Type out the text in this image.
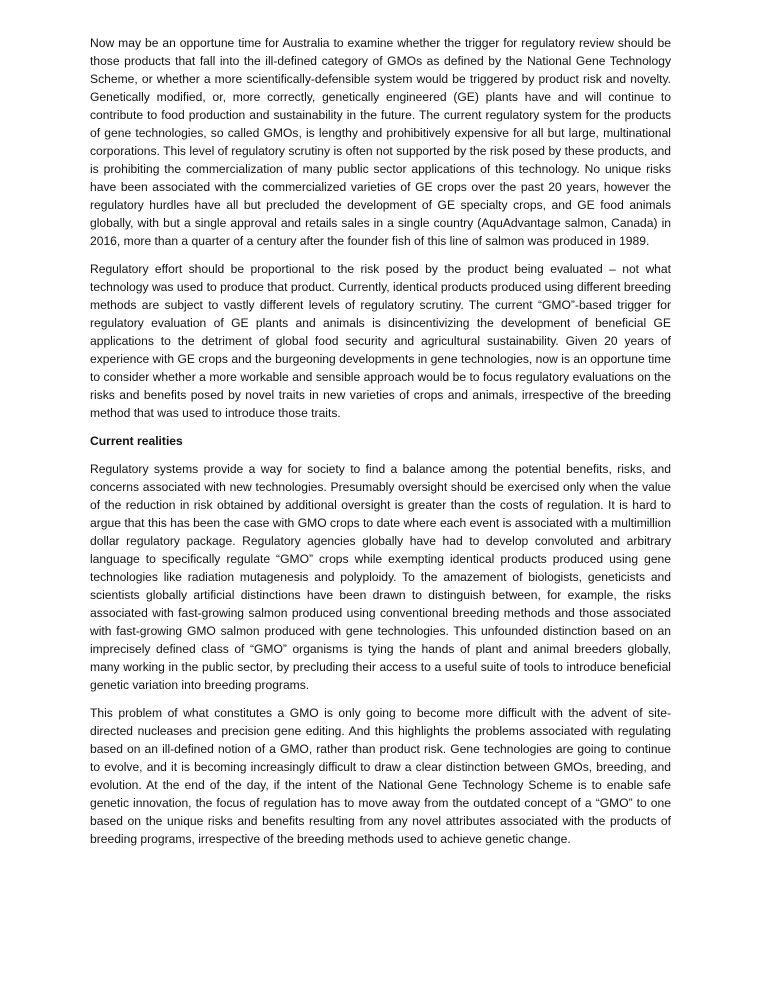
Now may be an opportune time for Australia to examine whether the trigger for regulatory review should be those products that fall into the ill-defined category of GMOs as defined by the National Gene Technology Scheme, or whether a more scientifically-defensible system would be triggered by product risk and novelty. Genetically modified, or, more correctly, genetically engineered (GE) plants have and will continue to contribute to food production and sustainability in the future. The current regulatory system for the products of gene technologies, so called GMOs, is lengthy and prohibitively expensive for all but large, multinational corporations. This level of regulatory scrutiny is often not supported by the risk posed by these products, and is prohibiting the commercialization of many public sector applications of this technology. No unique risks have been associated with the commercialized varieties of GE crops over the past 20 years, however the regulatory hurdles have all but precluded the development of GE specialty crops, and GE food animals globally, with but a single approval and retails sales in a single country (AquAdvantage salmon, Canada) in 2016, more than a quarter of a century after the founder fish of this line of salmon was produced in 1989.

Regulatory effort should be proportional to the risk posed by the product being evaluated – not what technology was used to produce that product. Currently, identical products produced using different breeding methods are subject to vastly different levels of regulatory scrutiny. The current “GMO”-based trigger for regulatory evaluation of GE plants and animals is disincentivizing the development of beneficial GE applications to the detriment of global food security and agricultural sustainability. Given 20 years of experience with GE crops and the burgeoning developments in gene technologies, now is an opportune time to consider whether a more workable and sensible approach would be to focus regulatory evaluations on the risks and benefits posed by novel traits in new varieties of crops and animals, irrespective of the breeding method that was used to introduce those traits.

Current realities

Regulatory systems provide a way for society to find a balance among the potential benefits, risks, and concerns associated with new technologies. Presumably oversight should be exercised only when the value of the reduction in risk obtained by additional oversight is greater than the costs of regulation. It is hard to argue that this has been the case with GMO crops to date where each event is associated with a multimillion dollar regulatory package. Regulatory agencies globally have had to develop convoluted and arbitrary language to specifically regulate “GMO” crops while exempting identical products produced using gene technologies like radiation mutagenesis and polyploidy. To the amazement of biologists, geneticists and scientists globally artificial distinctions have been drawn to distinguish between, for example, the risks associated with fast-growing salmon produced using conventional breeding methods and those associated with fast-growing GMO salmon produced with gene technologies. This unfounded distinction based on an imprecisely defined class of “GMO” organisms is tying the hands of plant and animal breeders globally, many working in the public sector, by precluding their access to a useful suite of tools to introduce beneficial genetic variation into breeding programs.

This problem of what constitutes a GMO is only going to become more difficult with the advent of site-directed nucleases and precision gene editing. And this highlights the problems associated with regulating based on an ill-defined notion of a GMO, rather than product risk. Gene technologies are going to continue to evolve, and it is becoming increasingly difficult to draw a clear distinction between GMOs, breeding, and evolution. At the end of the day, if the intent of the National Gene Technology Scheme is to enable safe genetic innovation, the focus of regulation has to move away from the outdated concept of a “GMO” to one based on the unique risks and benefits resulting from any novel attributes associated with the products of breeding programs, irrespective of the breeding methods used to achieve genetic change.
